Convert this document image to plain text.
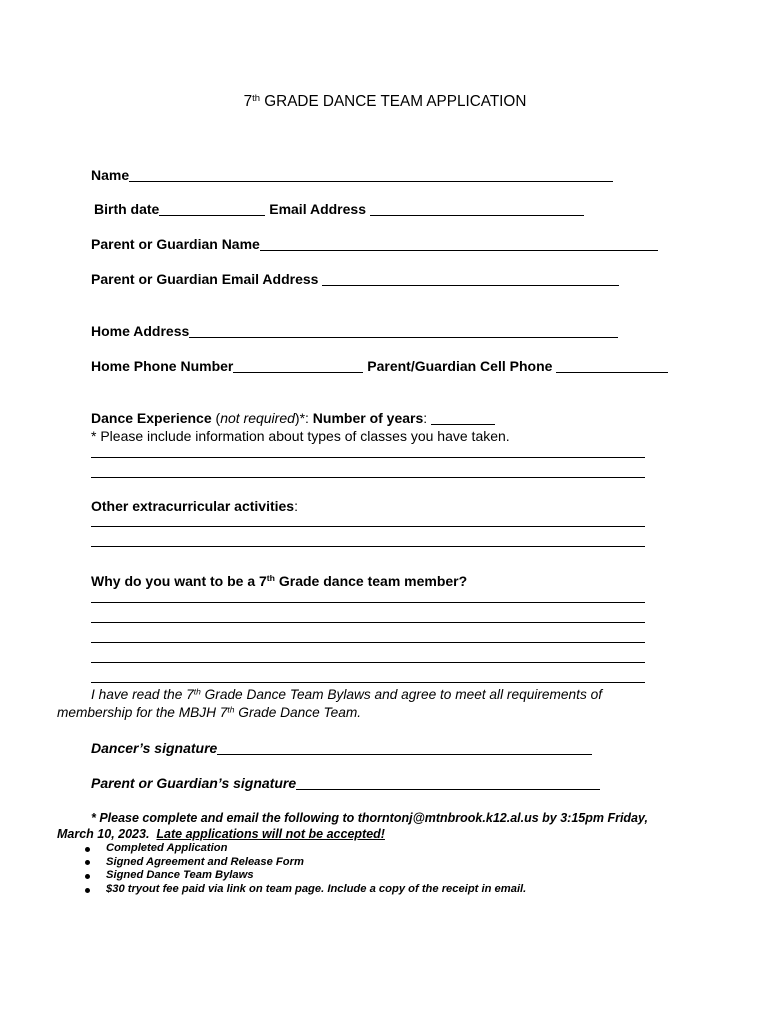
7th GRADE DANCE TEAM APPLICATION
Name
Birth date	Email Address
Parent or Guardian Name
Parent or Guardian Email Address
Home Address
Home Phone Number	Parent/Guardian Cell Phone
Dance Experience (not required)*: Number of years:
* Please include information about types of classes you have taken.
Other extracurricular activities:
Why do you want to be a 7th Grade dance team member?
I have read the 7th Grade Dance Team Bylaws and agree to meet all requirements of
membership for the MBJH 7th Grade Dance Team.
Dancer’s signature
Parent or Guardian’s signature
* Please complete and email the following to thorntonj@mtnbrook.k12.al.us by 3:15pm Friday,
March 10, 2023. Late applications will not be accepted!
Completed Application
Signed Agreement and Release Form
Signed Dance Team Bylaws
$30 tryout fee paid via link on team page. Include a copy of the receipt in email.
